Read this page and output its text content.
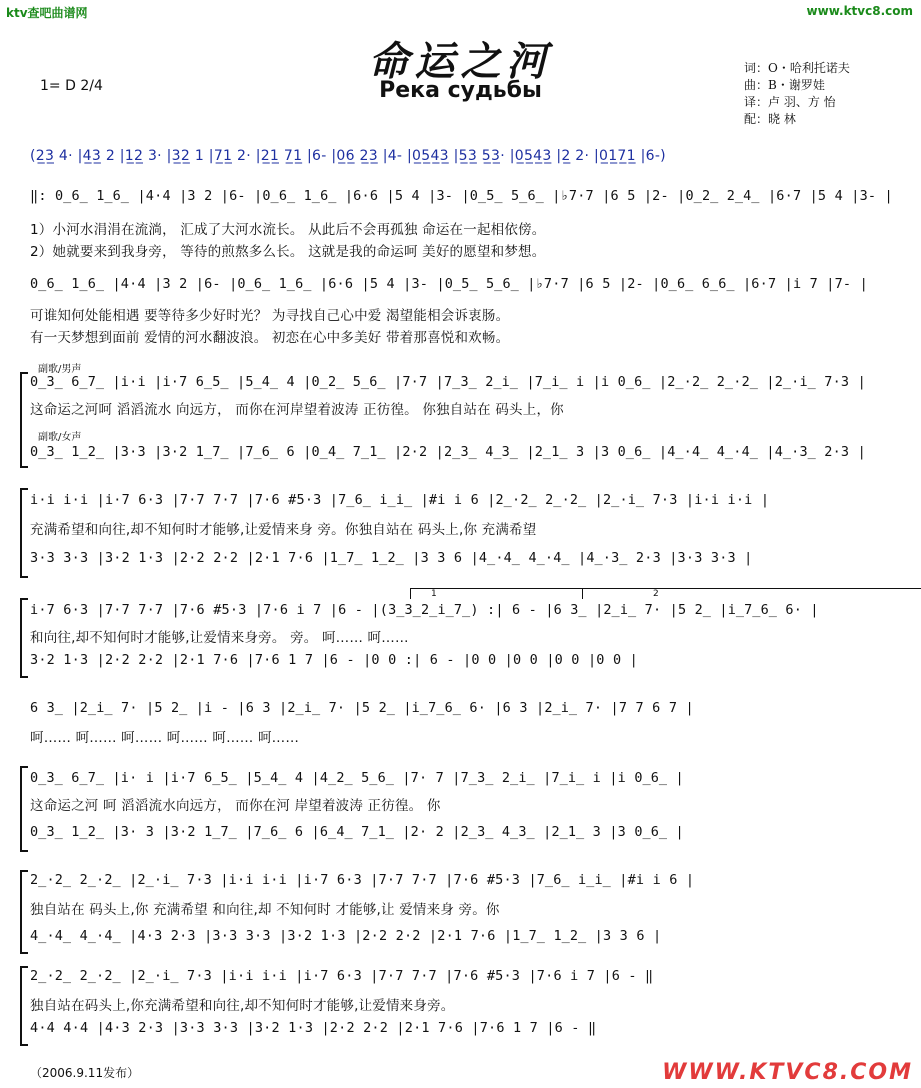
ktv查吧曲谱网	www.ktvc8.com
命运之河
Река судьбы
1= D 2/4
词：O・哈利托诺夫
曲：B・谢罗娃
译：卢 羽、方 怡
配：晓 林
(2̲3̲ 4· |4̲3̲ 2 |1̲2̲ 3· |3̲2̲ 1 |7̲1̲ 2· |2̲1̲ 7̲1̲ |6- |0̲6̲ 2̲3̲ |4- |0̲5̲4̲3̲ |5̲3̲ 5̲3̲· |0̲5̲4̲3̲ |2̲ 2· |0̲1̲7̲1̲ |6-)
‖: 0̲6̲ 1̲6̲ |4·4 |3 2 |6- |0̲6̲ 1̲6̲ |6·6 |5 4 |3- |0̲5̲ 5̲6̲ |♭7·7 |6 5 |2- |0̲2̲ 2̲4̲ |6·7 |5 4 |3- |
1）小河水涓涓在流淌， 汇成了大河水流长。 从此后不会再孤独 命运在一起相依傍。
2）她就要来到我身旁， 等待的煎熬多么长。 这就是我的命运呵 美好的愿望和梦想。
0̲6̲ 1̲6̲ |4·4 |3 2 |6- |0̲6̲ 1̲6̲ |6·6 |5 4 |3- |0̲5̲ 5̲6̲ |♭7·7 |6 5 |2- |0̲6̲ 6̲6̲ |6·7 |i 7 |7- |
可谁知何处能相遇 要等待多少好时光？ 为寻找自己心中爱 渴望能相会诉衷肠。
有一天梦想到面前 爱情的河水翻波浪。 初恋在心中多美好 带着那喜悦和欢畅。
副歌/男声
0̲3̲ 6̲7̲ |i·i |i·7 6̲5̲ |5̲4̲ 4 |0̲2̲ 5̲6̲ |7·7 |7̲3̲ 2̲i̲ |7̲i̲ i |i 0̲6̲ |2̲·2̲ 2̲·2̲ |2̲·i̲ 7·3 |
这命运之河呵 滔滔流水 向远方， 而你在河岸望着波涛 正彷徨。 你独自站在 码头上，你
副歌/女声
0̲3̲ 1̲2̲ |3·3 |3·2 1̲7̲ |7̲6̲ 6 |0̲4̲ 7̲1̲ |2·2 |2̲3̲ 4̲3̲ |2̲1̲ 3 |3 0̲6̲ |4̲·4̲ 4̲·4̲ |4̲·3̲ 2·3 |
i·i i·i |i·7 6·3 |7·7 7·7 |7·6 #5·3 |7̲6̲ i̲i̲ |#i i 6 |2̲·2̲ 2̲·2̲ |2̲·i̲ 7·3 |i·i i·i |
充满希望和向往,却不知何时才能够,让爱情来身 旁。你独自站在 码头上,你 充满希望
3·3 3·3 |3·2 1·3 |2·2 2·2 |2·1 7·6 |1̲7̲ 1̲2̲ |3 3 6 |4̲·4̲ 4̲·4̲ |4̲·3̲ 2·3 |3·3 3·3 |
1	2
i·7 6·3 |7·7 7·7 |7·6 #5·3 |7·6 i 7 |6 - |(3̲3̲2̲i̲7̲) :| 6 - |6 3̲ |2̲i̲ 7· |5 2̲ |i̲7̲6̲ 6· |
和向往,却不知何时才能够,让爱情来身旁。 旁。 呵…… 呵……
3·2 1·3 |2·2 2·2 |2·1 7·6 |7·6 1 7 |6 - |0 0 :| 6 - |0 0 |0 0 |0 0 |0 0 |
6 3̲ |2̲i̲ 7· |5 2̲ |i - |6 3 |2̲i̲ 7· |5 2̲ |i̲7̲6̲ 6· |6 3 |2̲i̲ 7· |7 7 6 7 |
呵…… 呵…… 呵…… 呵…… 呵…… 呵……
0̲3̲ 6̲7̲ |i· i |i·7 6̲5̲ |5̲4̲ 4 |4̲2̲ 5̲6̲ |7· 7 |7̲3̲ 2̲i̲ |7̲i̲ i |i 0̲6̲ |
这命运之河 呵 滔滔流水向远方， 而你在河 岸望着波涛 正彷徨。 你
0̲3̲ 1̲2̲ |3· 3 |3·2 1̲7̲ |7̲6̲ 6 |6̲4̲ 7̲1̲ |2· 2 |2̲3̲ 4̲3̲ |2̲1̲ 3 |3 0̲6̲ |
2̲·2̲ 2̲·2̲ |2̲·i̲ 7·3 |i·i i·i |i·7 6·3 |7·7 7·7 |7·6 #5·3 |7̲6̲ i̲i̲ |#i i 6 |
独自站在 码头上,你 充满希望 和向往,却 不知何时 才能够,让 爱情来身 旁。你
4̲·4̲ 4̲·4̲ |4·3 2·3 |3·3 3·3 |3·2 1·3 |2·2 2·2 |2·1 7·6 |1̲7̲ 1̲2̲ |3 3 6 |
2̲·2̲ 2̲·2̲ |2̲·i̲ 7·3 |i·i i·i |i·7 6·3 |7·7 7·7 |7·6 #5·3 |7·6 i 7 |6 - ‖
独自站在码头上,你充满希望和向往,却不知何时才能够,让爱情来身旁。
4·4 4·4 |4·3 2·3 |3·3 3·3 |3·2 1·3 |2·2 2·2 |2·1 7·6 |7·6 1 7 |6 - ‖
（2006.9.11发布）	WWW.KTVC8.COM
